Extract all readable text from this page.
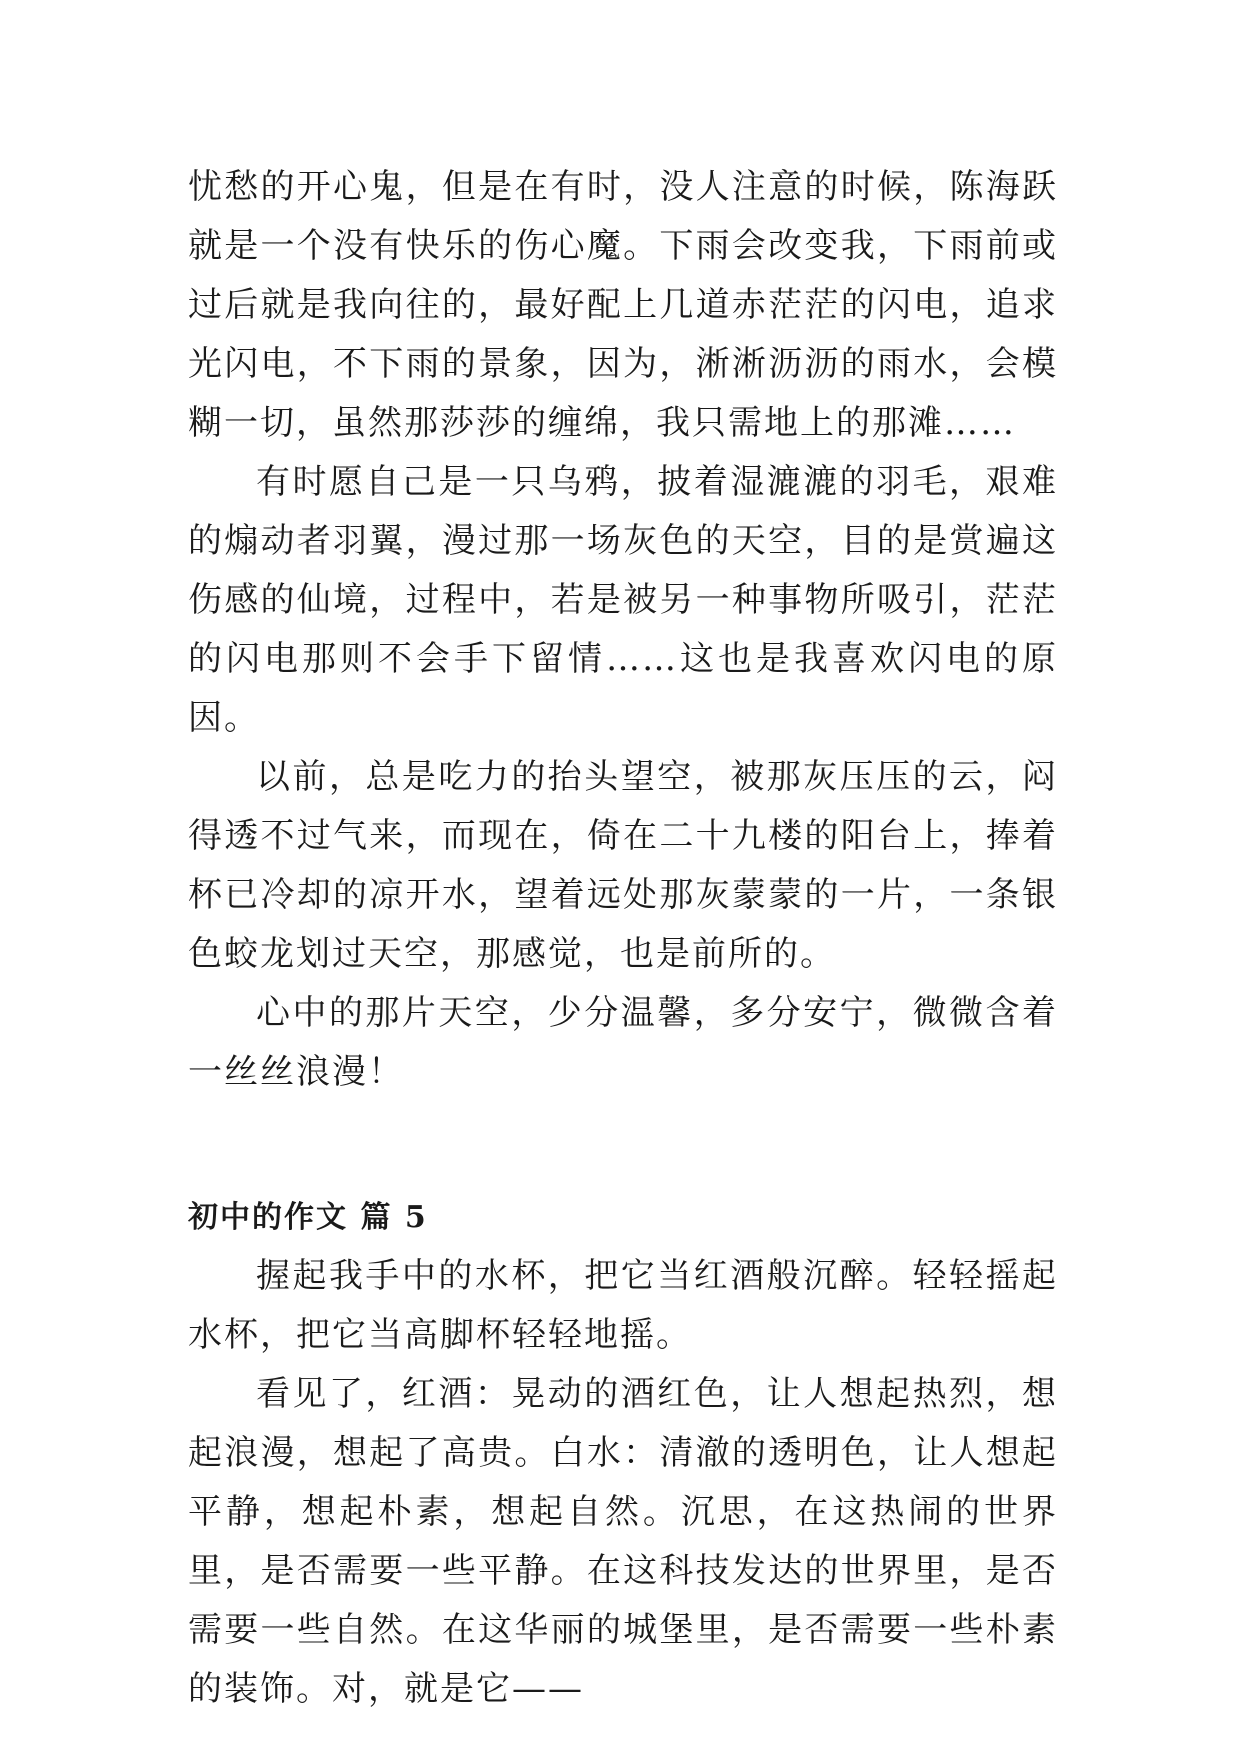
忧愁的开心鬼，但是在有时，没人注意的时候，陈海跃就是一个没有快乐的伤心魔。下雨会改变我，下雨前或过后就是我向往的，最好配上几道赤茫茫的闪电，追求光闪电，不下雨的景象，因为，淅淅沥沥的雨水，会模糊一切，虽然那莎莎的缠绵，我只需地上的那滩……

有时愿自己是一只乌鸦，披着湿漉漉的羽毛，艰难的煽动者羽翼，漫过那一场灰色的天空，目的是赏遍这伤感的仙境，过程中，若是被另一种事物所吸引，茫茫的闪电那则不会手下留情……这也是我喜欢闪电的原因。

以前，总是吃力的抬头望空，被那灰压压的云，闷得透不过气来，而现在，倚在二十九楼的阳台上，捧着杯已冷却的凉开水，望着远处那灰蒙蒙的一片，一条银色蛟龙划过天空，那感觉，也是前所的。

心中的那片天空，少分温馨，多分安宁，微微含着一丝丝浪漫！

初中的作文 篇 5

握起我手中的水杯，把它当红酒般沉醉。轻轻摇起水杯，把它当高脚杯轻轻地摇。

看见了，红酒：晃动的酒红色，让人想起热烈，想起浪漫，想起了高贵。白水：清澈的透明色，让人想起平静，想起朴素，想起自然。沉思，在这热闹的世界里，是否需要一些平静。在这科技发达的世界里，是否需要一些自然。在这华丽的城堡里，是否需要一些朴素的装饰。对，就是它——
